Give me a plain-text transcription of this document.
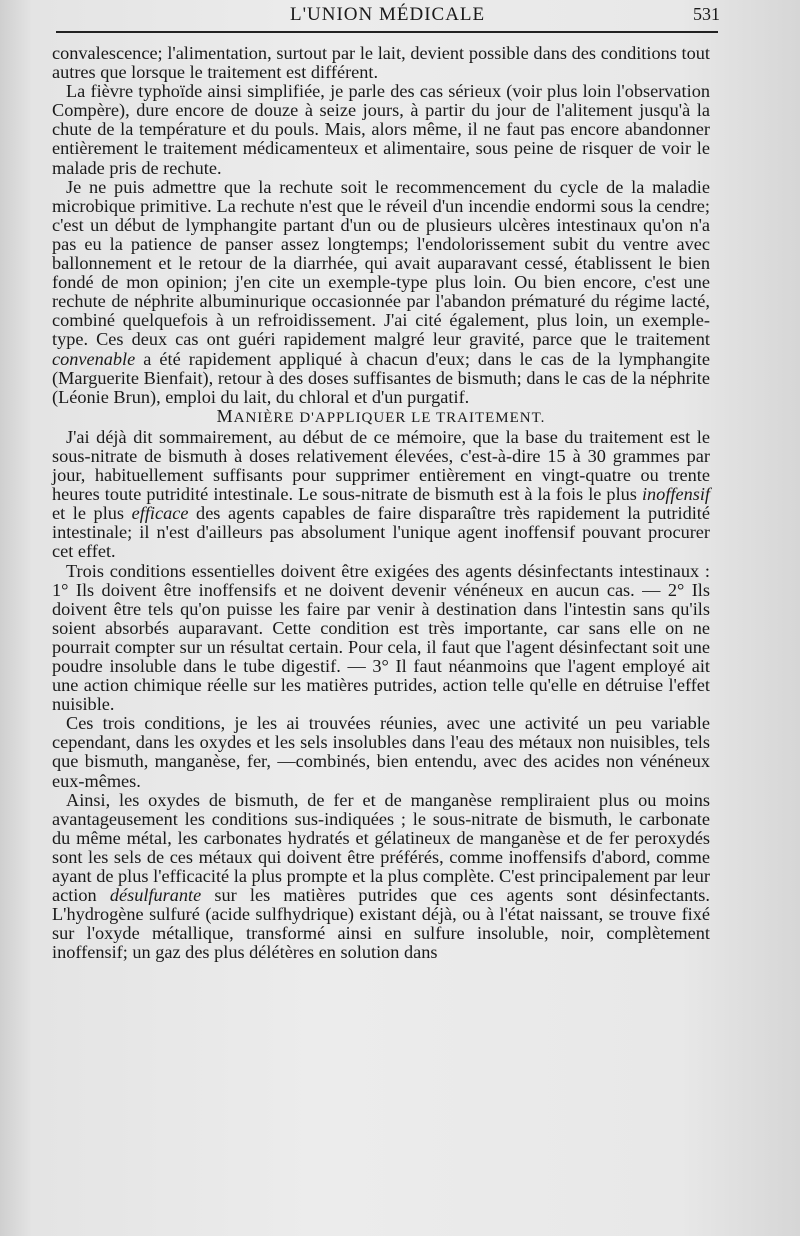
L'UNION MÉDICALE	531

convalescence; l'alimentation, surtout par le lait, devient possible dans des conditions tout autres que lorsque le traitement est différent.

La fièvre typhoïde ainsi simplifiée, je parle des cas sérieux (voir plus loin l'observation Compère), dure encore de douze à seize jours, à partir du jour de l'alitement jusqu'à la chute de la température et du pouls. Mais, alors même, il ne faut pas encore abandonner entièrement le traitement médicamenteux et alimentaire, sous peine de risquer de voir le malade pris de rechute.

Je ne puis admettre que la rechute soit le recommencement du cycle de la maladie microbique primitive. La rechute n'est que le réveil d'un incendie endormi sous la cendre; c'est un début de lymphangite partant d'un ou de plusieurs ulcères intestinaux qu'on n'a pas eu la patience de panser assez longtemps; l'endolorissement subit du ventre avec ballonnement et le retour de la diarrhée, qui avait auparavant cessé, établissent le bien fondé de mon opinion; j'en cite un exemple-type plus loin. Ou bien encore, c'est une rechute de néphrite albuminurique occasionnée par l'abandon prématuré du régime lacté, combiné quelquefois à un refroidissement. J'ai cité également, plus loin, un exemple-type. Ces deux cas ont guéri rapidement malgré leur gravité, parce que le traitement convenable a été rapidement appliqué à chacun d'eux; dans le cas de la lymphangite (Marguerite Bienfait), retour à des doses suffisantes de bismuth; dans le cas de la néphrite (Léonie Brun), emploi du lait, du chloral et d'un purgatif.

MANIÈRE D'APPLIQUER LE TRAITEMENT.

J'ai déjà dit sommairement, au début de ce mémoire, que la base du traitement est le sous-nitrate de bismuth à doses relativement élevées, c'est-à-dire 15 à 30 grammes par jour, habituellement suffisants pour supprimer entièrement en vingt-quatre ou trente heures toute putridité intestinale. Le sous-nitrate de bismuth est à la fois le plus inoffensif et le plus efficace des agents capables de faire disparaître très rapidement la putridité intestinale; il n'est d'ailleurs pas absolument l'unique agent inoffensif pouvant procurer cet effet.

Trois conditions essentielles doivent être exigées des agents désinfectants intestinaux : 1° Ils doivent être inoffensifs et ne doivent devenir vénéneux en aucun cas. — 2° Ils doivent être tels qu'on puisse les faire par venir à destination dans l'intestin sans qu'ils soient absorbés auparavant. Cette condition est très importante, car sans elle on ne pourrait compter sur un résultat certain. Pour cela, il faut que l'agent désinfectant soit une poudre insoluble dans le tube digestif. — 3° Il faut néanmoins que l'agent employé ait une action chimique réelle sur les matières putrides, action telle qu'elle en détruise l'effet nuisible.

Ces trois conditions, je les ai trouvées réunies, avec une activité un peu variable cependant, dans les oxydes et les sels insolubles dans l'eau des métaux non nuisibles, tels que bismuth, manganèse, fer, —combinés, bien entendu, avec des acides non vénéneux eux-mêmes.

Ainsi, les oxydes de bismuth, de fer et de manganèse rempliraient plus ou moins avantageusement les conditions sus-indiquées ; le sous-nitrate de bismuth, le carbonate du même métal, les carbonates hydratés et gélatineux de manganèse et de fer peroxydés sont les sels de ces métaux qui doivent être préférés, comme inoffensifs d'abord, comme ayant de plus l'efficacité la plus prompte et la plus complète. C'est principalement par leur action désulfurante sur les matières putrides que ces agents sont désinfectants. L'hydrogène sulfuré (acide sulfhydrique) existant déjà, ou à l'état naissant, se trouve fixé sur l'oxyde métallique, transformé ainsi en sulfure insoluble, noir, complètement inoffensif; un gaz des plus délétères en solution dans
